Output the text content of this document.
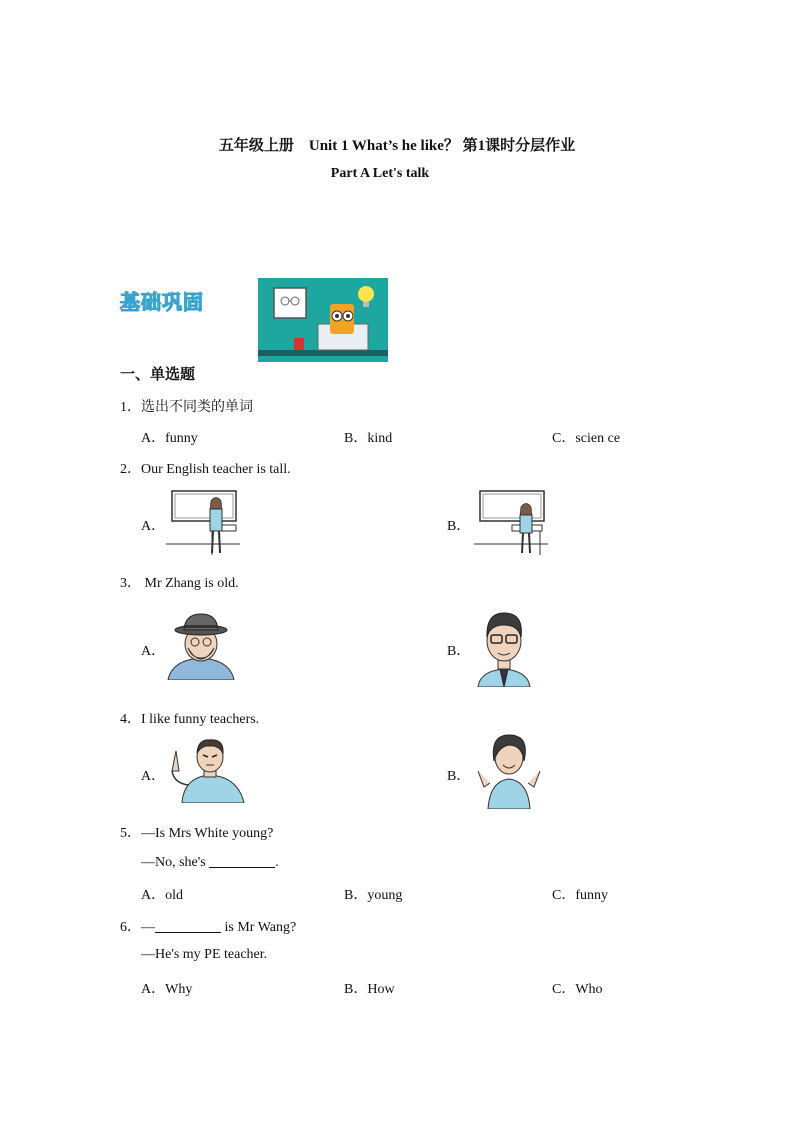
五年级上册　Unit 1 What’s he like？ 第1课时分层作业
Part A Let's talk
基础巩固
一、单选题
1．选出不同类的单词
A．funny	B．kind	C．scien ce
2．Our English teacher is tall.
A．	B．
3． Mr Zhang is old.
A．	B．
4．I like funny teachers.
A．	B．
5．—Is Mrs White young?
—No, she's	.
A．old	B．young	C．funny
6．—	is Mr Wang?
—He's my PE teacher.
A．Why	B．How	C．Who
